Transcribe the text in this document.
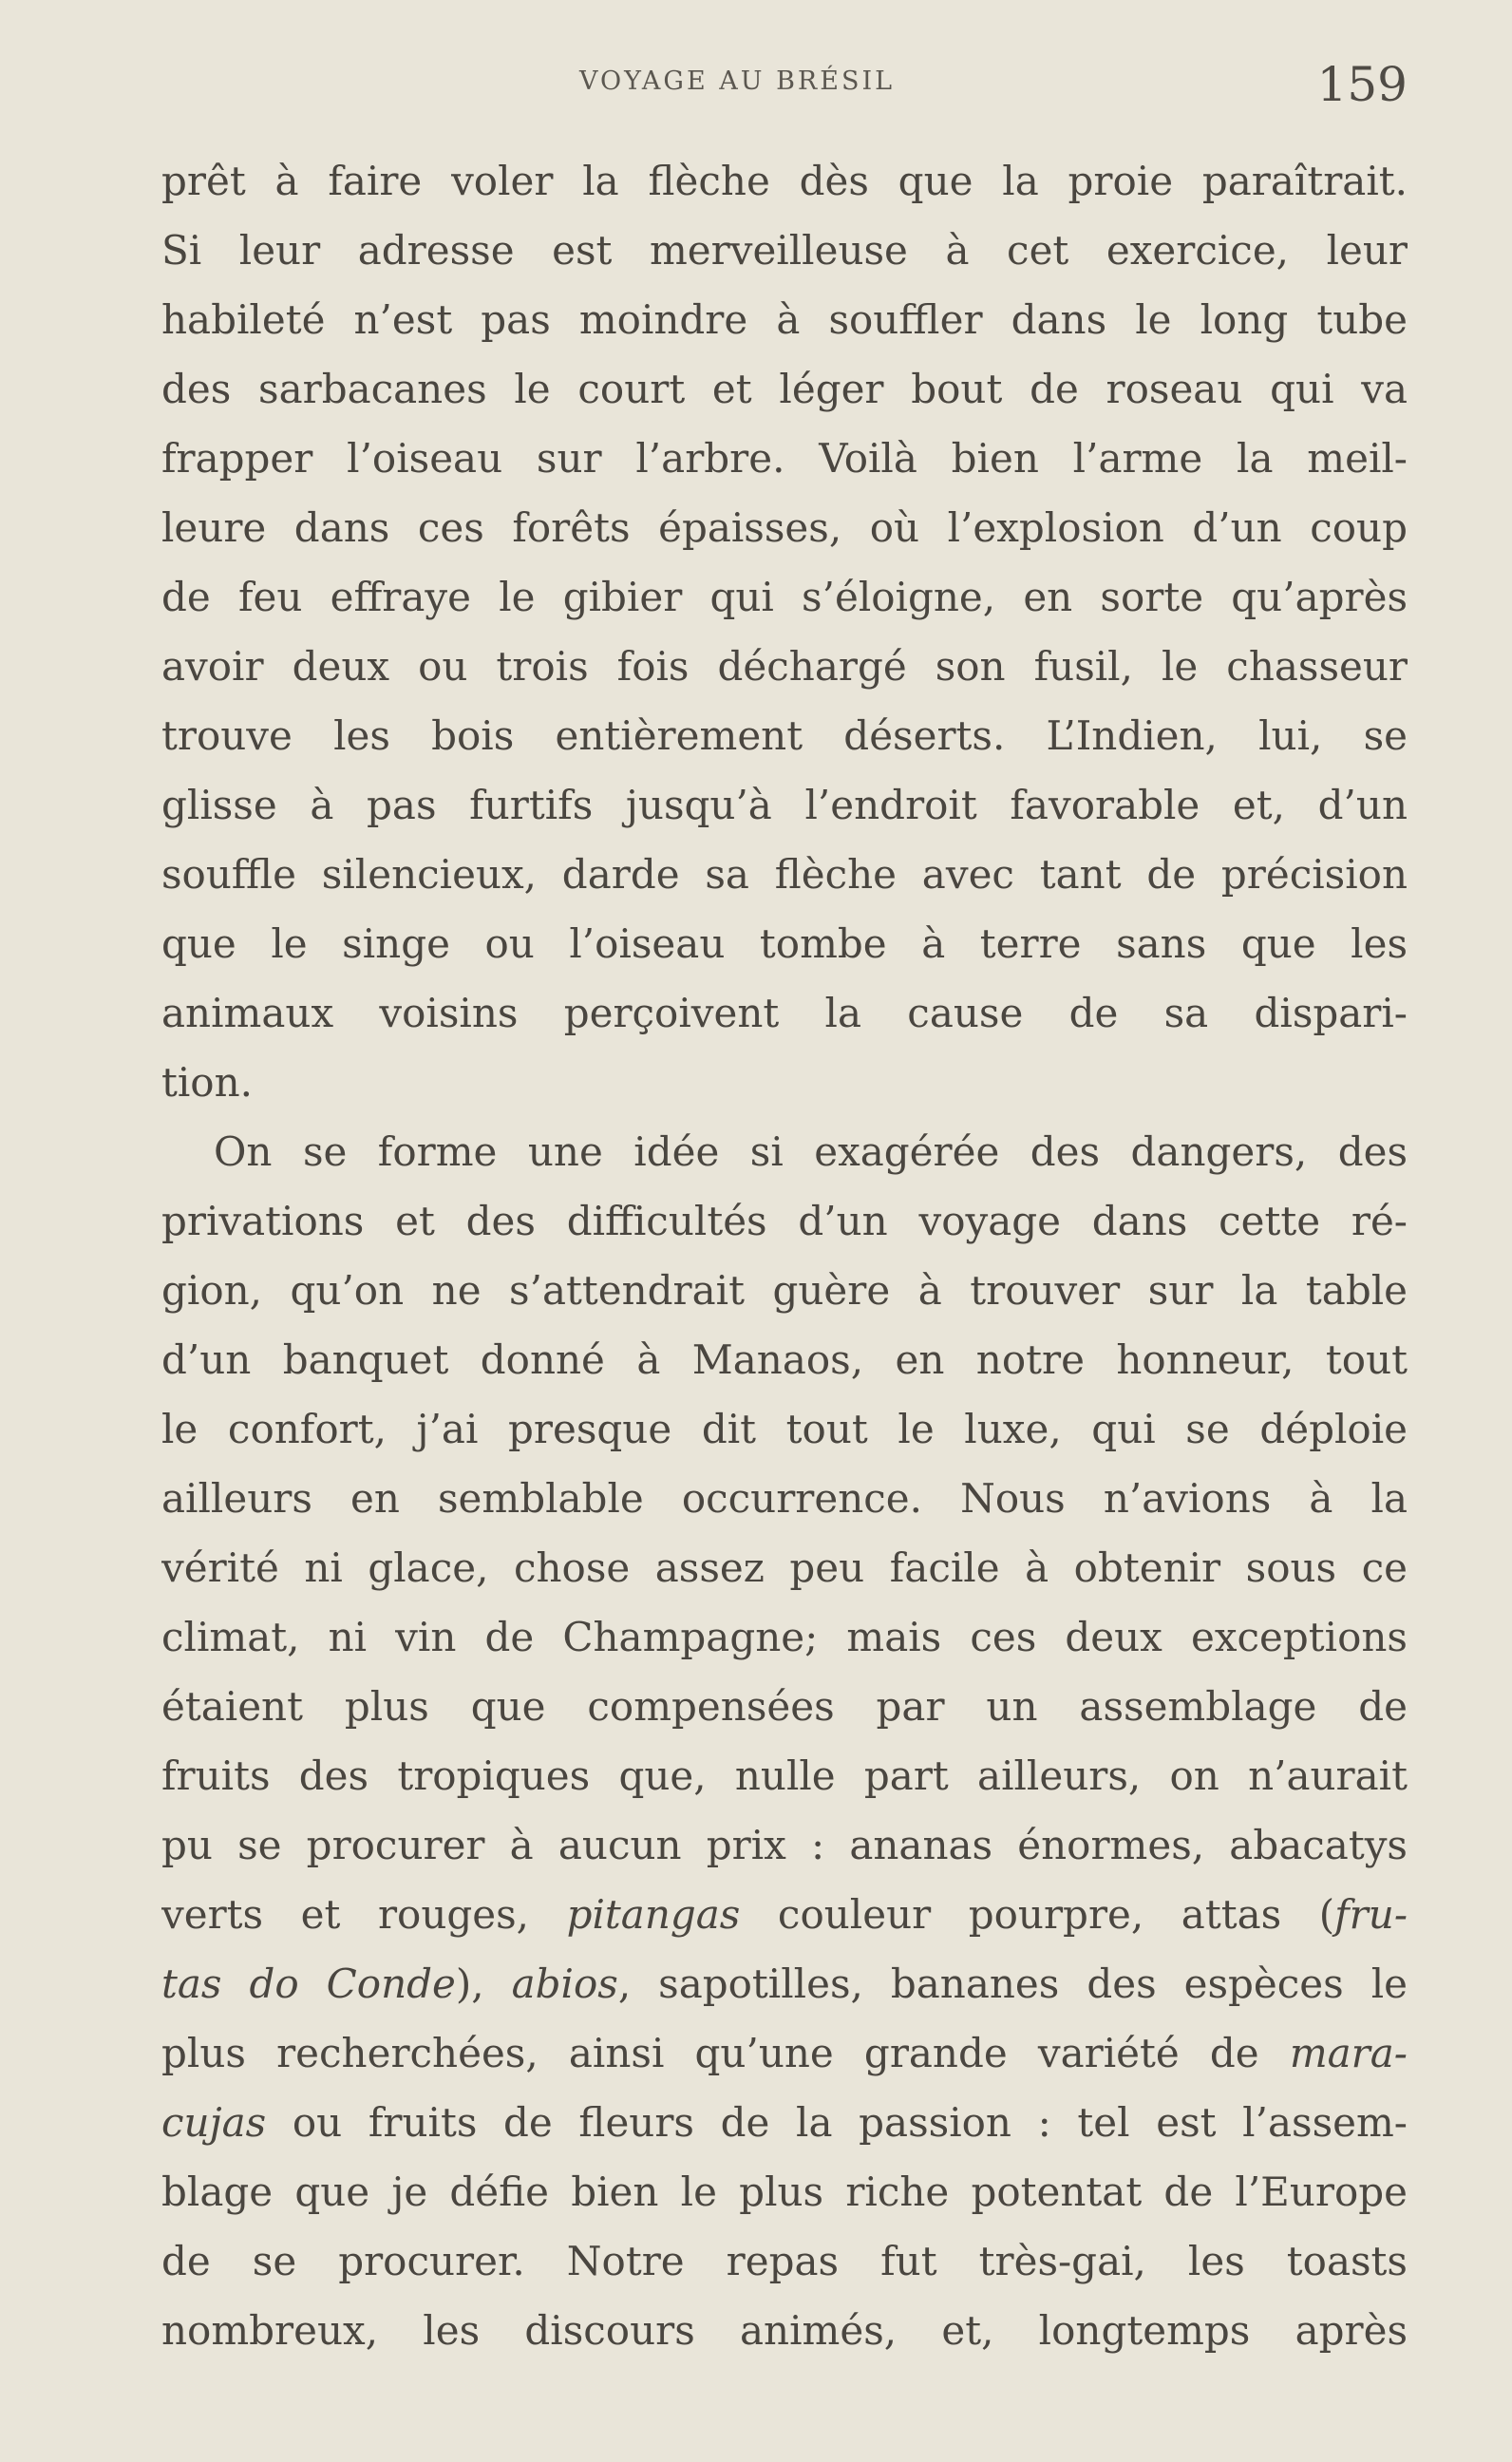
VOYAGE AU BRÉSIL	159
prêt à faire voler la flèche dès que la proie paraîtrait.
Si leur adresse est merveilleuse à cet exercice, leur
habileté n’est pas moindre à souffler dans le long tube
des sarbacanes le court et léger bout de roseau qui va
frapper l’oiseau sur l’arbre. Voilà bien l’arme la meil-
leure dans ces forêts épaisses, où l’explosion d’un coup
de feu effraye le gibier qui s’éloigne, en sorte qu’après
avoir deux ou trois fois déchargé son fusil, le chasseur
trouve les bois entièrement déserts. L’Indien, lui, se
glisse à pas furtifs jusqu’à l’endroit favorable et, d’un
souffle silencieux, darde sa flèche avec tant de précision
que le singe ou l’oiseau tombe à terre sans que les
animaux voisins perçoivent la cause de sa dispari-
tion.
On se forme une idée si exagérée des dangers, des
privations et des difficultés d’un voyage dans cette ré-
gion, qu’on ne s’attendrait guère à trouver sur la table
d’un banquet donné à Manaos, en notre honneur, tout
le confort, j’ai presque dit tout le luxe, qui se déploie
ailleurs en semblable occurrence. Nous n’avions à la
vérité ni glace, chose assez peu facile à obtenir sous ce
climat, ni vin de Champagne; mais ces deux exceptions
étaient plus que compensées par un assemblage de
fruits des tropiques que, nulle part ailleurs, on n’aurait
pu se procurer à aucun prix : ananas énormes, abacatys
verts et rouges, pitangas couleur pourpre, attas (fru-
tas do Conde), abios, sapotilles, bananes des espèces le
plus recherchées, ainsi qu’une grande variété de mara-
cujas ou fruits de fleurs de la passion : tel est l’assem-
blage que je défie bien le plus riche potentat de l’Europe
de se procurer. Notre repas fut très-gai, les toasts
nombreux, les discours animés, et, longtemps après
